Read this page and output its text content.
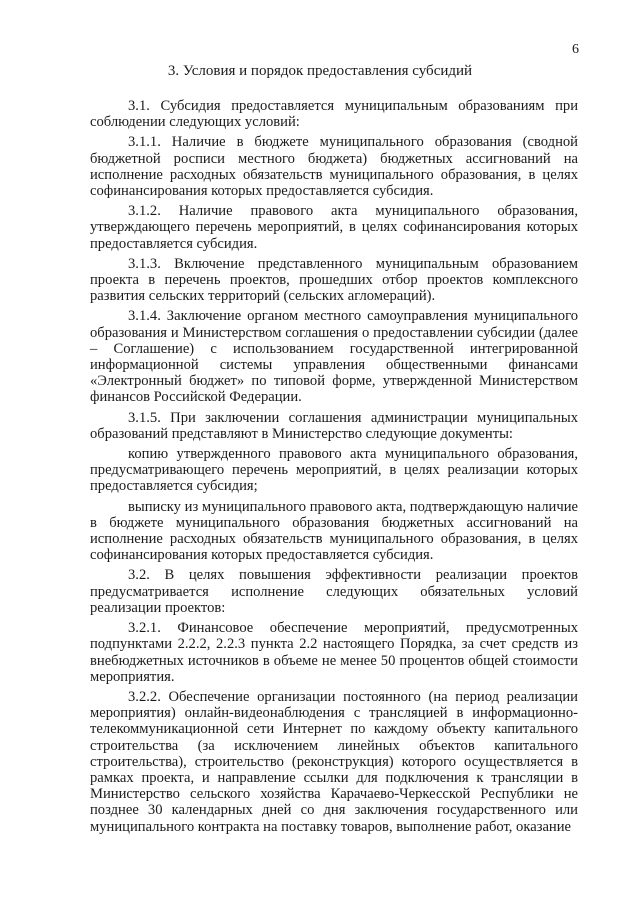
6
3. Условия и порядок предоставления субсидий

3.1. Субсидия предоставляется муниципальным образованиям при соблюдении следующих условий:

3.1.1. Наличие в бюджете муниципального образования (сводной бюджетной росписи местного бюджета) бюджетных ассигнований на исполнение расходных обязательств муниципального образования, в целях софинансирования которых предоставляется субсидия.

3.1.2. Наличие правового акта муниципального образования, утверждающего перечень мероприятий, в целях софинансирования которых предоставляется субсидия.

3.1.3. Включение представленного муниципальным образованием проекта в перечень проектов, прошедших отбор проектов комплексного развития сельских территорий (сельских агломераций).

3.1.4. Заключение органом местного самоуправления муниципального образования и Министерством соглашения о предоставлении субсидии (далее – Соглашение) с использованием государственной интегрированной информационной системы управления общественными финансами «Электронный бюджет» по типовой форме, утвержденной Министерством финансов Российской Федерации.

3.1.5. При заключении соглашения администрации муниципальных образований представляют в Министерство следующие документы:

копию утвержденного правового акта муниципального образования, предусматривающего перечень мероприятий, в целях реализации которых предоставляется субсидия;

выписку из муниципального правового акта, подтверждающую наличие в бюджете муниципального образования бюджетных ассигнований на исполнение расходных обязательств муниципального образования, в целях софинансирования которых предоставляется субсидия.

3.2. В целях повышения эффективности реализации проектов предусматривается исполнение следующих обязательных условий реализации проектов:

3.2.1. Финансовое обеспечение мероприятий, предусмотренных подпунктами 2.2.2, 2.2.3 пункта 2.2 настоящего Порядка, за счет средств из внебюджетных источников в объеме не менее 50 процентов общей стоимости мероприятия.

3.2.2. Обеспечение организации постоянного (на период реализации мероприятия) онлайн-видеонаблюдения с трансляцией в информационно-телекоммуникационной сети Интернет по каждому объекту капитального строительства (за исключением линейных объектов капитального строительства), строительство (реконструкция) которого осуществляется в рамках проекта, и направление ссылки для подключения к трансляции в Министерство сельского хозяйства Карачаево-Черкесской Республики не позднее 30 календарных дней со дня заключения государственного или муниципального контракта на поставку товаров, выполнение работ, оказание
